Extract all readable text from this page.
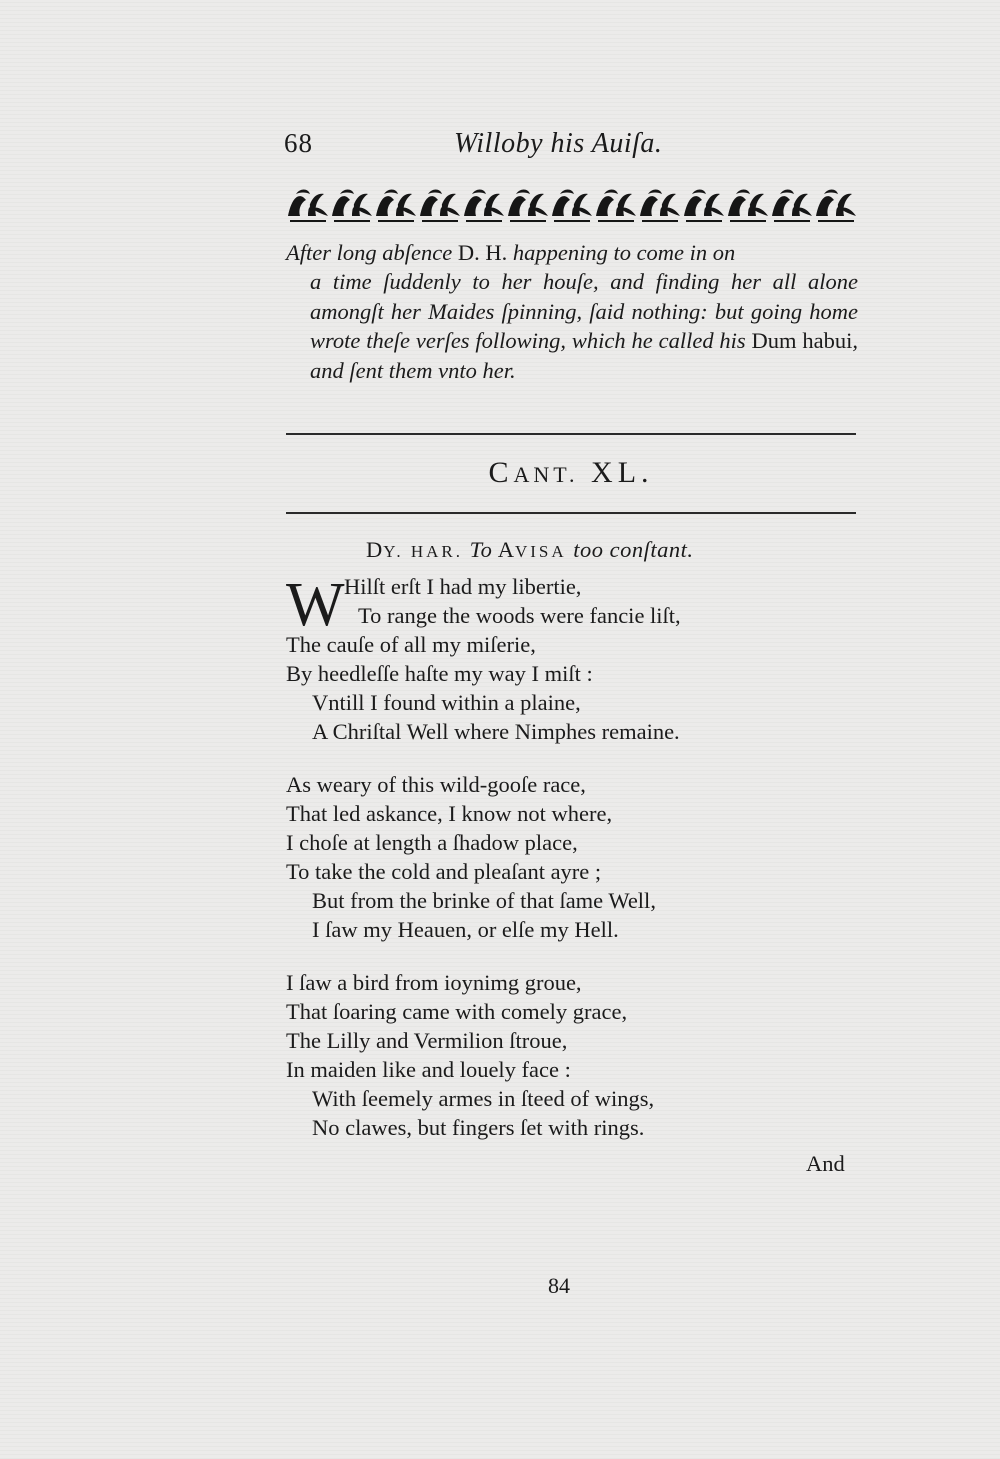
68	Willoby his Auiſa.

After long abſence D. H. happening to come in on

a time ſuddenly to her houſe, and finding her all alone amongſt her Maides ſpinning, ſaid nothing: but going home wrote theſe verſes following, which he called his Dum habui, and ſent them vnto her.

CANT. XL.
DY. HAR. To AVISA too conſtant.
W Hilſt erſt I had my libertie,
To range the woods were fancie liſt,
The cauſe of all my miſerie,
By heedleſſe haſte my way I miſt :
Vntill I found within a plaine,
A Chriſtal Well where Nimphes remaine.
As weary of this wild-gooſe race,
That led askance, I know not where,
I choſe at length a ſhadow place,
To take the cold and pleaſant ayre ;
But from the brinke of that ſame Well,
I ſaw my Heauen, or elſe my Hell.
I ſaw a bird from ioynimg groue,
That ſoaring came with comely grace,
The Lilly and Vermilion ſtroue,
In maiden like and louely face :
With ſeemely armes in ſteed of wings,
No clawes, but fingers ſet with rings.
And
84
